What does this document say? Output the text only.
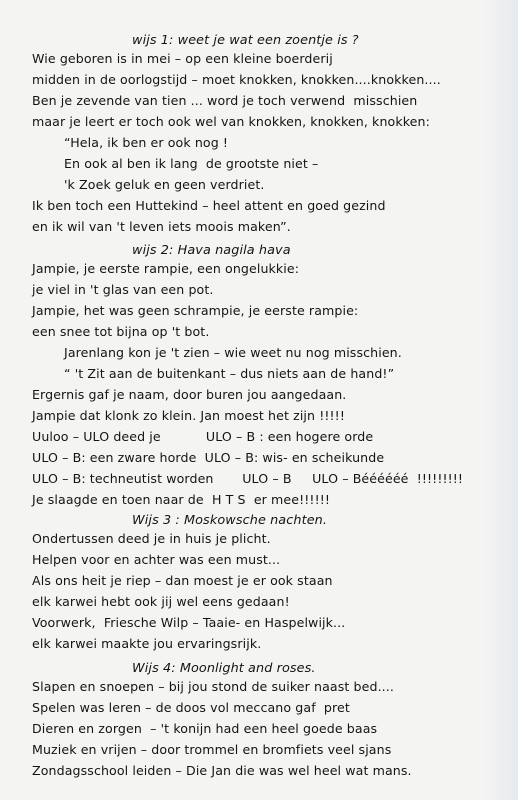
wijs 1: weet je wat een zoentje is ?
Wie geboren is in mei – op een kleine boerderij
midden in de oorlogstijd – moet knokken, knokken....knokken....
Ben je zevende van tien ... word je toch verwend  misschien
maar je leert er toch ook wel van knokken, knokken, knokken:
“Hela, ik ben er ook nog !
En ook al ben ik lang  de grootste niet –
'k Zoek geluk en geen verdriet.
Ik ben toch een Huttekind – heel attent en goed gezind
en ik wil van 't leven iets moois maken”.
wijs 2: Hava nagila hava
Jampie, je eerste rampie, een ongelukkie:
je viel in 't glas van een pot.
Jampie, het was geen schrampie, je eerste rampie:
een snee tot bijna op 't bot.
Jarenlang kon je 't zien – wie weet nu nog misschien.
“ 't Zit aan de buitenkant – dus niets aan de hand!”
Ergernis gaf je naam, door buren jou aangedaan.
Jampie dat klonk zo klein. Jan moest het zijn !!!!!
Uuloo – ULO deed je           ULO – B : een hogere orde
ULO – B: een zware horde  ULO – B: wis- en scheikunde
ULO – B: techneutist worden       ULO – B     ULO – Béééééé  !!!!!!!!!
Je slaagde en toen naar de  H T S  er mee!!!!!!
Wijs 3 : Moskowsche nachten.
Ondertussen deed je in huis je plicht.
Helpen voor en achter was een must...
Als ons heit je riep – dan moest je er ook staan
elk karwei hebt ook jij wel eens gedaan!
Voorwerk,  Friesche Wilp – Taaie- en Haspelwijk...
elk karwei maakte jou ervaringsrijk.
Wijs 4: Moonlight and roses.
Slapen en snoepen – bij jou stond de suiker naast bed....
Spelen was leren – de doos vol meccano gaf  pret
Dieren en zorgen  – 't konijn had een heel goede baas
Muziek en vrijen – door trommel en bromfiets veel sjans
Zondagsschool leiden – Die Jan die was wel heel wat mans.
